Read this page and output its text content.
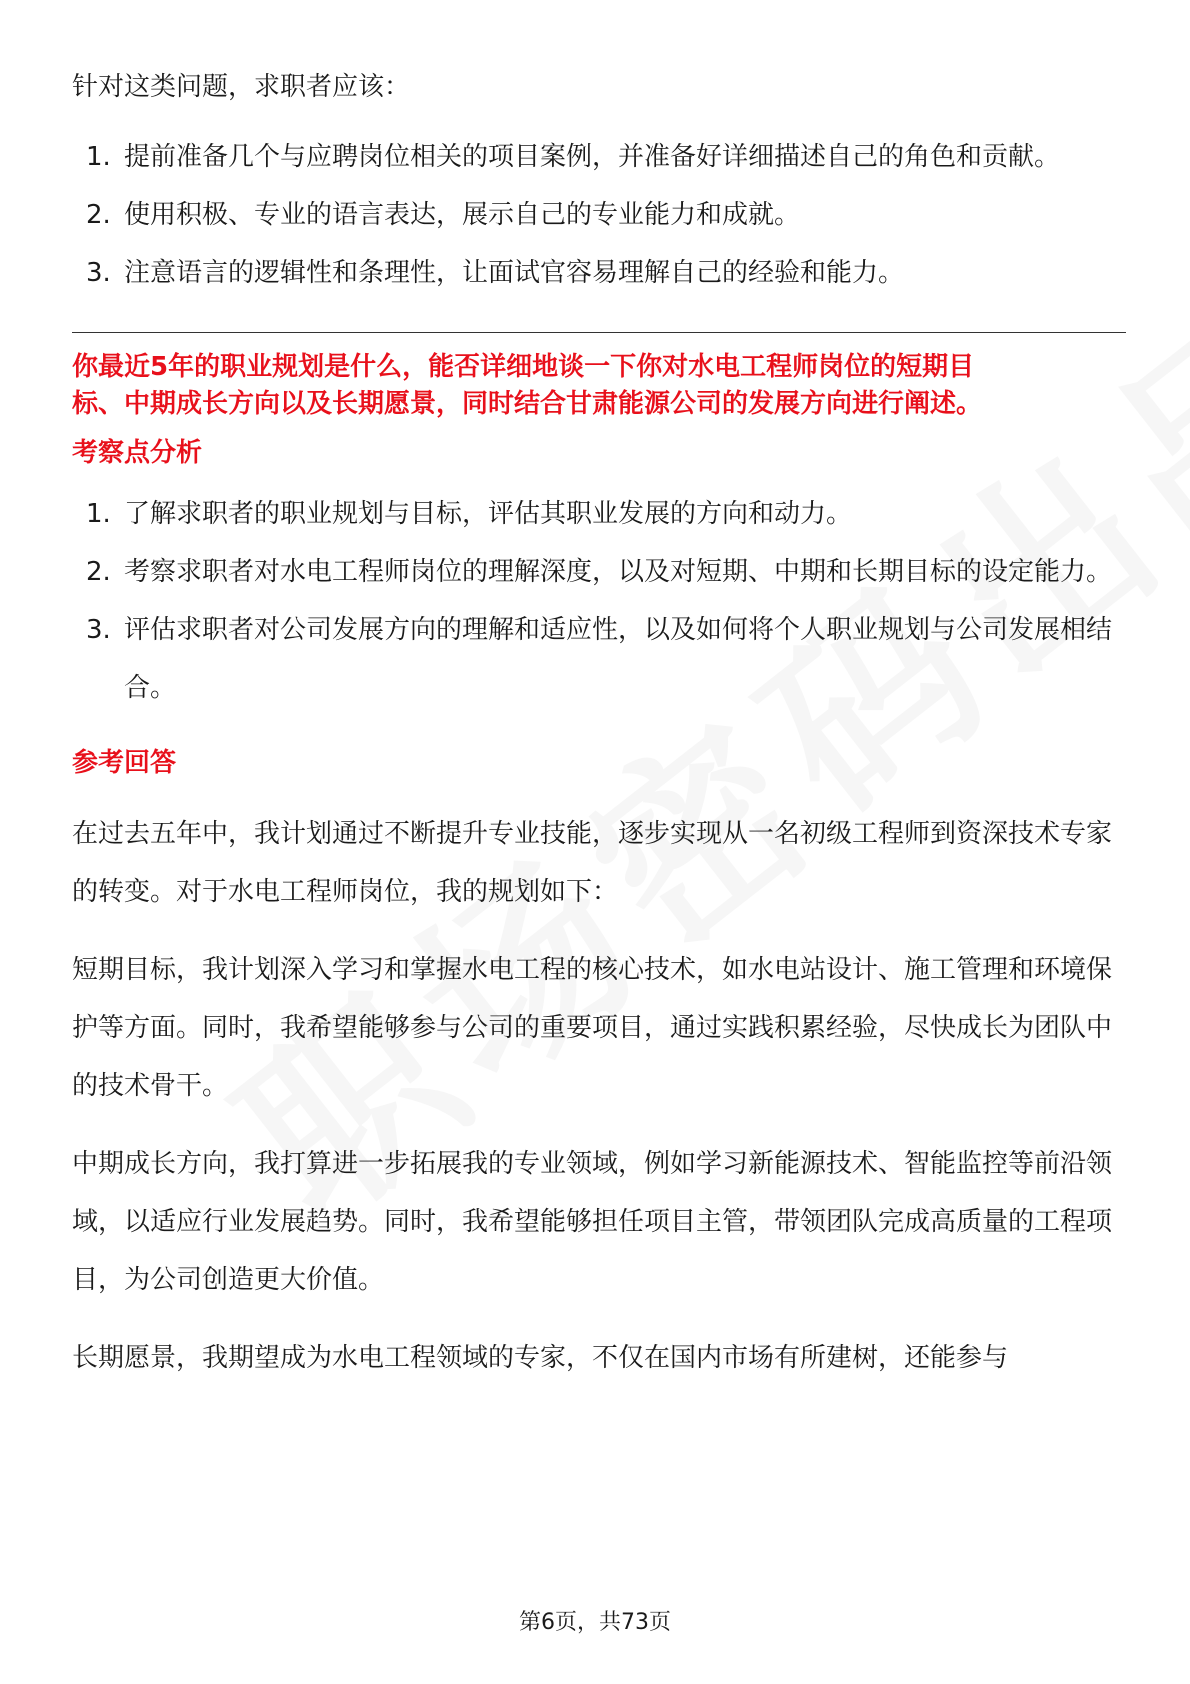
针对这类问题，求职者应该：

1. 提前准备几个与应聘岗位相关的项目案例，并准备好详细描述自己的角色和贡献。
2. 使用积极、专业的语言表达，展示自己的专业能力和成就。
3. 注意语言的逻辑性和条理性，让面试官容易理解自己的经验和能力。

你最近5年的职业规划是什么，能否详细地谈一下你对水电工程师岗位的短期目

标、中期成长方向以及长期愿景，同时结合甘肃能源公司的发展方向进行阐述。

考察点分析

1. 了解求职者的职业规划与目标，评估其职业发展的方向和动力。
2. 考察求职者对水电工程师岗位的理解深度，以及对短期、中期和长期目标的设定能力。
3. 评估求职者对公司发展方向的理解和适应性，以及如何将个人职业规划与公司发展相结合。

参考回答

在过去五年中，我计划通过不断提升专业技能，逐步实现从一名初级工程师到资深技术专家的转变。对于水电工程师岗位，我的规划如下：

短期目标，我计划深入学习和掌握水电工程的核心技术，如水电站设计、施工管理和环境保护等方面。同时，我希望能够参与公司的重要项目，通过实践积累经验，尽快成长为团队中的技术骨干。

中期成长方向，我打算进一步拓展我的专业领域，例如学习新能源技术、智能监控等前沿领域，以适应行业发展趋势。同时，我希望能够担任项目主管，带领团队完成高质量的工程项目，为公司创造更大价值。

长期愿景，我期望成为水电工程领域的专家，不仅在国内市场有所建树，还能参与

第6页，共73页
